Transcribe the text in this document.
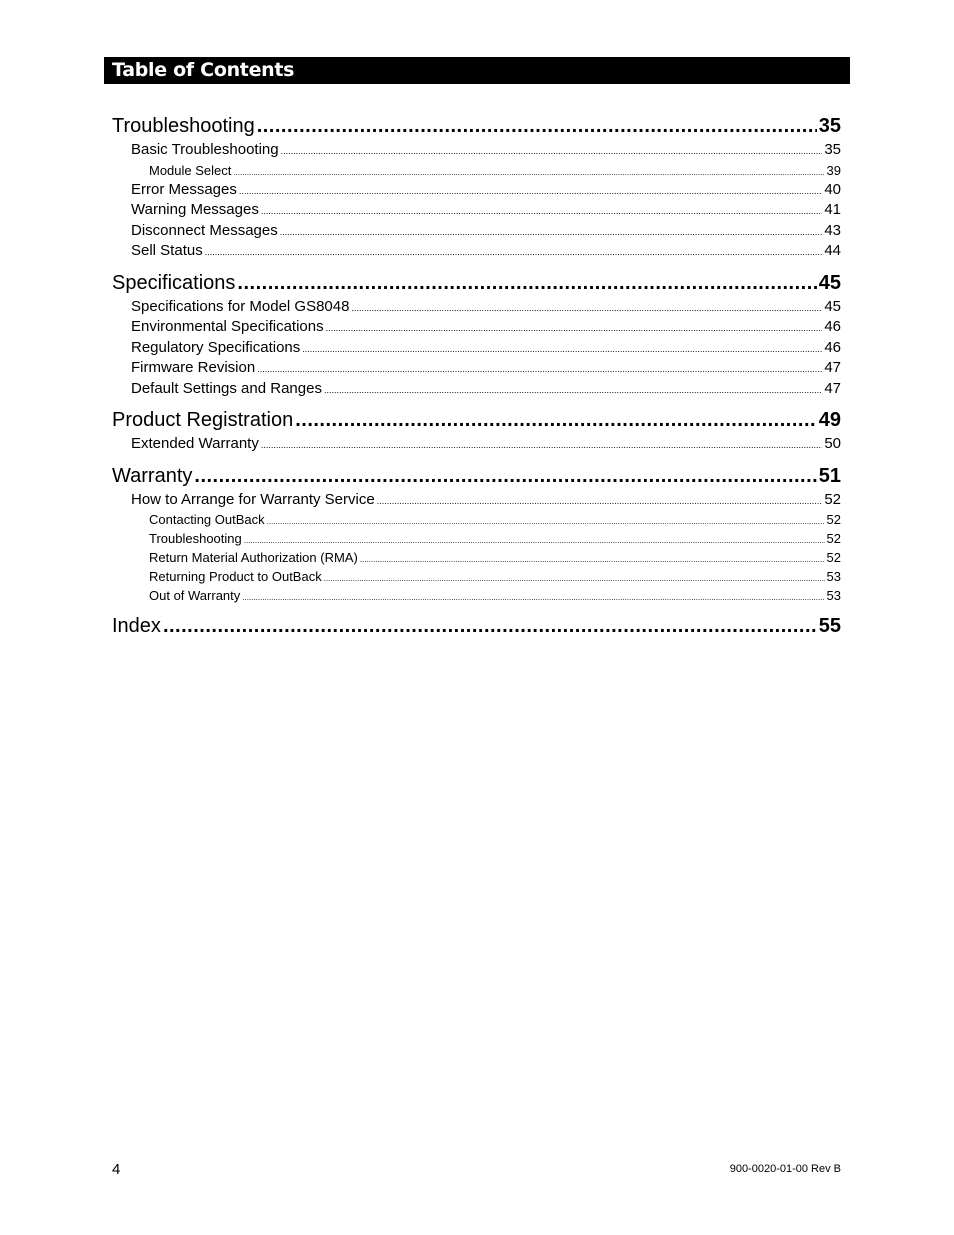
Table of Contents
Troubleshooting .....	35
Basic Troubleshooting .....	35
Module Select .....	39
Error Messages .....	40
Warning Messages .....	41
Disconnect Messages .....	43
Sell Status .....	44
Specifications .....	45
Specifications for Model GS8048 .....	45
Environmental Specifications .....	46
Regulatory Specifications .....	46
Firmware Revision .....	47
Default Settings and Ranges .....	47
Product Registration .....	49
Extended Warranty .....	50
Warranty .....	51
How to Arrange for Warranty Service .....	52
Contacting OutBack .....	52
Troubleshooting .....	52
Return Material Authorization (RMA) .....	52
Returning Product to OutBack .....	53
Out of Warranty .....	53
Index .....	55
4	900-0020-01-00 Rev B
